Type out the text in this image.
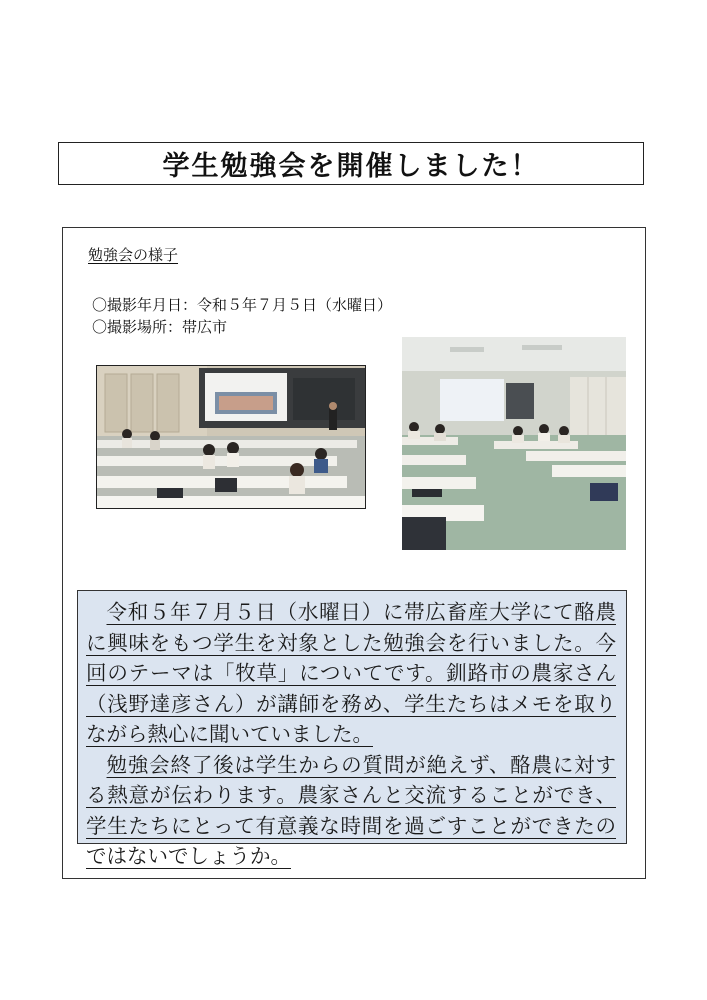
学生勉強会を開催しました！
勉強会の様子
〇撮影年月日：令和５年７月５日（水曜日）
〇撮影場所：帯広市

令和５年７月５日（水曜日）に帯広畜産大学にて酪農に興味をもつ学生を対象とした勉強会を行いました。今回のテーマは「牧草」についてです。釧路市の農家さん（浅野達彦さん）が講師を務め、学生たちはメモを取りながら熱心に聞いていました。
勉強会終了後は学生からの質問が絶えず、酪農に対する熱意が伝わります。農家さんと交流することができ、学生たちにとって有意義な時間を過ごすことができたのではないでしょうか。
